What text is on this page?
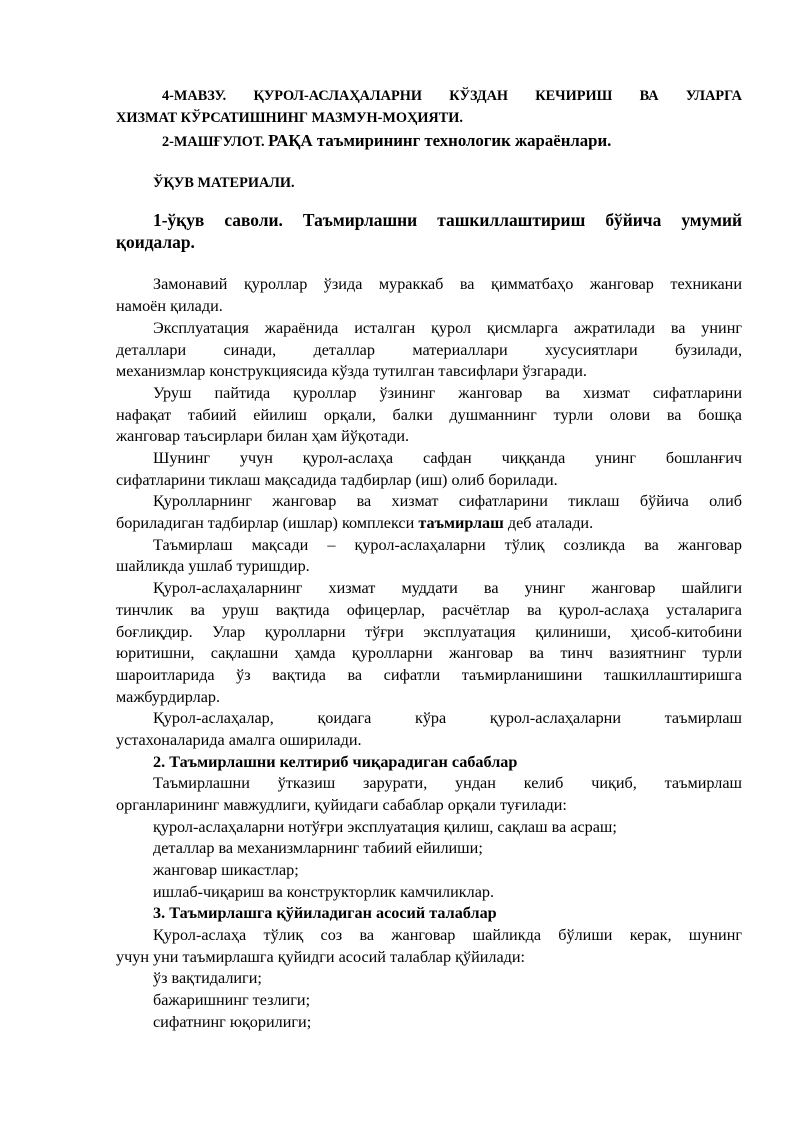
4-МАВЗУ. ҚУРОЛ-АСЛАҲАЛАРНИ КЎЗДАН КЕЧИРИШ ВА УЛАРГА
ХИЗМАТ КЎРСАТИШНИНГ МАЗМУН-МОҲИЯТИ.
2-МАШҒУЛОТ. РАҚА таъмирининг технологик жараёнлари.
ЎҚУВ МАТЕРИАЛИ.
1-ўқув саволи. Таъмирлашни ташкиллаштириш бўйича умумий
қоидалар.
Замонавий қуроллар ўзида мураккаб ва қимматбаҳо жанговар техникани
намоён қилади.
Эксплуатация жараёнида исталган қурол қисмларга ажратилади ва унинг
деталлари синади, деталлар материаллари хусусиятлари бузилади,
механизмлар конструкциясида кўзда тутилган тавсифлари ўзгаради.
Уруш пайтида қуроллар ўзининг жанговар ва хизмат сифатларини
нафақат табиий ейилиш орқали, балки душманнинг турли олови ва бошқа
жанговар таъсирлари билан ҳам йўқотади.
Шунинг учун қурол-аслаҳа сафдан чиққанда унинг бошланғич
сифатларини тиклаш мақсадида тадбирлар (иш) олиб борилади.
Қуролларнинг жанговар ва хизмат сифатларини тиклаш бўйича олиб
бориладиган тадбирлар (ишлар) комплекси таъмирлаш деб аталади.
Таъмирлаш мақсади – қурол-аслаҳаларни тўлиқ созликда ва жанговар
шайликда ушлаб туришдир.
Қурол-аслаҳаларнинг хизмат муддати ва унинг жанговар шайлиги
тинчлик ва уруш вақтида офицерлар, расчётлар ва қурол-аслаҳа усталарига
боғлиқдир. Улар қуролларни тўғри эксплуатация қилиниши, ҳисоб-китобини
юритишни, сақлашни ҳамда қуролларни жанговар ва тинч вазиятнинг турли
шароитларида ўз вақтида ва сифатли таъмирланишини ташкиллаштиришга
мажбурдирлар.
Қурол-аслаҳалар, қоидага кўра қурол-аслаҳаларни таъмирлаш
устахоналарида амалга оширилади.
2. Таъмирлашни келтириб чиқарадиган сабаблар
Таъмирлашни ўтказиш зарурати, ундан келиб чиқиб, таъмирлаш
органларининг мавжудлиги, қуйидаги сабаблар орқали туғилади:
қурол-аслаҳаларни нотўғри эксплуатация қилиш, сақлаш ва асраш;
деталлар ва механизмларнинг табиий ейилиши;
жанговар шикастлар;
ишлаб-чиқариш ва конструкторлик камчиликлар.
3. Таъмирлашга қўйиладиган асосий талаблар
Қурол-аслаҳа тўлиқ соз ва жанговар шайликда бўлиши керак, шунинг
учун уни таъмирлашга қуйидги асосий талаблар қўйилади:
ўз вақтидалиги;
бажаришнинг тезлиги;
сифатнинг юқорилиги;
